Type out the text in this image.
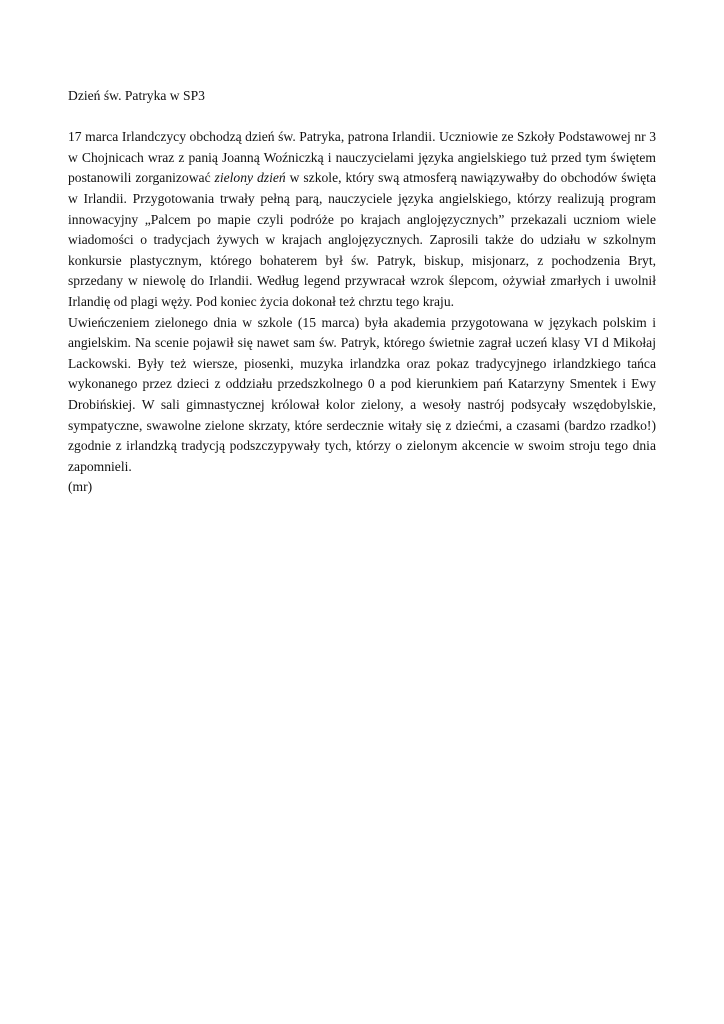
Dzień św. Patryka w SP3

17 marca Irlandczycy obchodzą dzień św. Patryka, patrona Irlandii. Uczniowie ze Szkoły Podstawowej nr 3 w Chojnicach wraz z panią Joanną Woźniczką i nauczycielami języka angielskiego tuż przed tym świętem postanowili zorganizować zielony dzień w szkole, który swą atmosferą nawiązywałby do obchodów święta w Irlandii. Przygotowania trwały pełną parą, nauczyciele języka angielskiego, którzy realizują program innowacyjny „Palcem po mapie czyli podróże po krajach anglojęzycznych” przekazali uczniom wiele wiadomości o tradycjach żywych w krajach anglojęzycznych. Zaprosili także do udziału w szkolnym konkursie plastycznym, którego bohaterem był św. Patryk, biskup, misjonarz, z pochodzenia Bryt, sprzedany w niewolę do Irlandii. Według legend przywracał wzrok ślepcom, ożywiał zmarłych i uwolnił Irlandię od plagi węży. Pod koniec życia dokonał też chrztu tego kraju.

Uwieńczeniem zielonego dnia w szkole (15 marca) była akademia przygotowana w językach polskim i angielskim. Na scenie pojawił się nawet sam św. Patryk, którego świetnie zagrał uczeń klasy VI d Mikołaj Lackowski. Były też wiersze, piosenki, muzyka irlandzka oraz pokaz tradycyjnego irlandzkiego tańca wykonanego przez dzieci z oddziału przedszkolnego 0 a pod kierunkiem pań Katarzyny Smentek i Ewy Drobińskiej. W sali gimnastycznej królował kolor zielony, a wesoły nastrój podsycały wszędobylskie, sympatyczne, swawolne zielone skrzaty, które serdecznie witały się z dziećmi, a czasami (bardzo rzadko!) zgodnie z irlandzką tradycją podszczypywały tych, którzy o zielonym akcencie w swoim stroju tego dnia zapomnieli.

(mr)
